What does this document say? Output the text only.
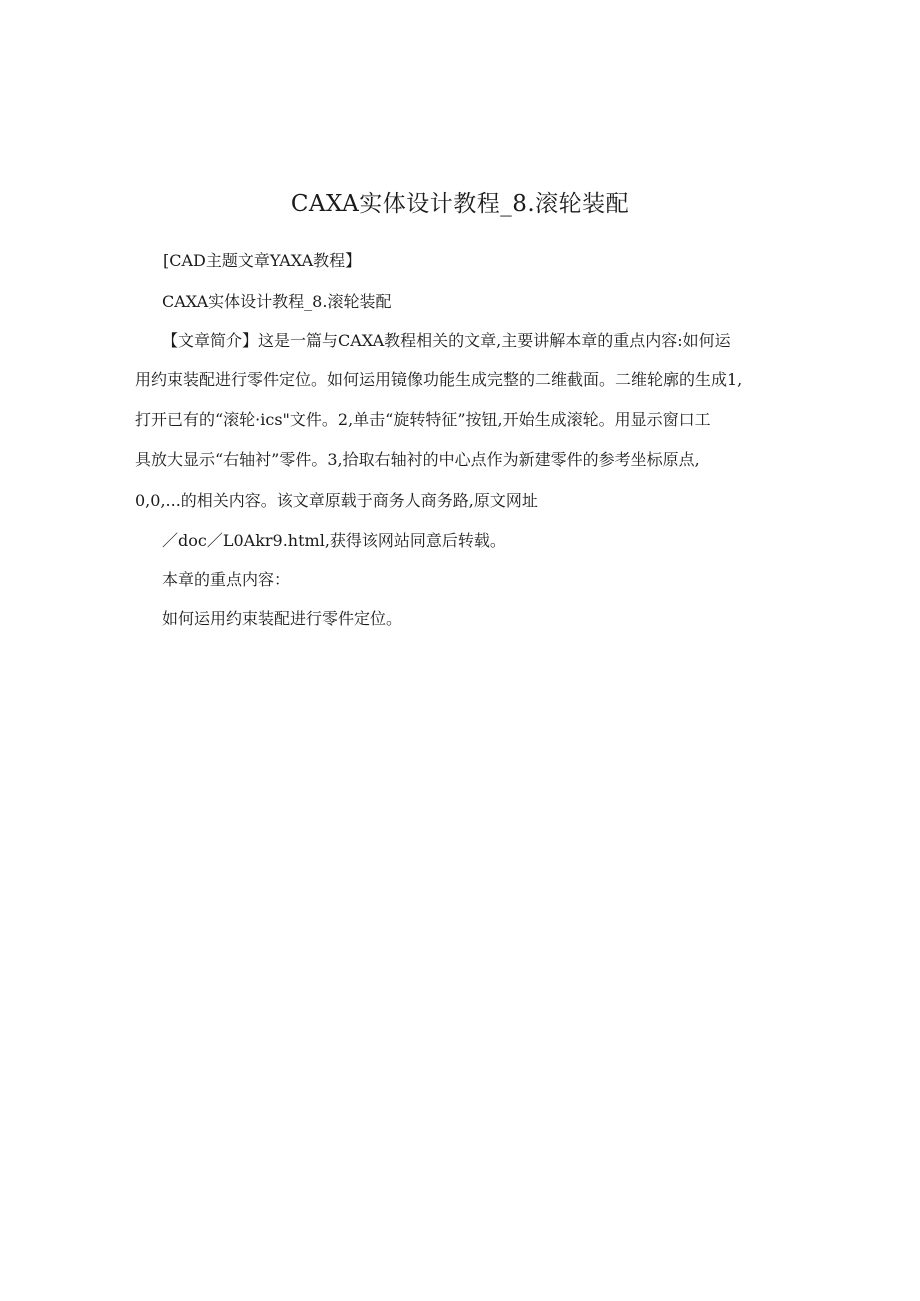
CAXA实体设计教程_8.滚轮装配
[CAD主题文章YAXA教程】
CAXA实体设计教程_8.滚轮装配
【文章简介】这是一篇与CAXA教程相关的文章,主要讲解本章的重点内容:如何运
用约束装配进行零件定位。如何运用镜像功能生成完整的二维截面。二维轮廓的生成1,
打开已有的“滚轮·ics"文件。2,单击“旋转特征”按钮,开始生成滚轮。用显示窗口工
具放大显示“右轴衬”零件。3,拾取右轴衬的中心点作为新建零件的参考坐标原点,
0,0,...的相关内容。该文章原载于商务人商务路,原文网址
／doc／L0Akr9.html,获得该网站同意后转载。
本章的重点内容：
如何运用约束装配进行零件定位。
